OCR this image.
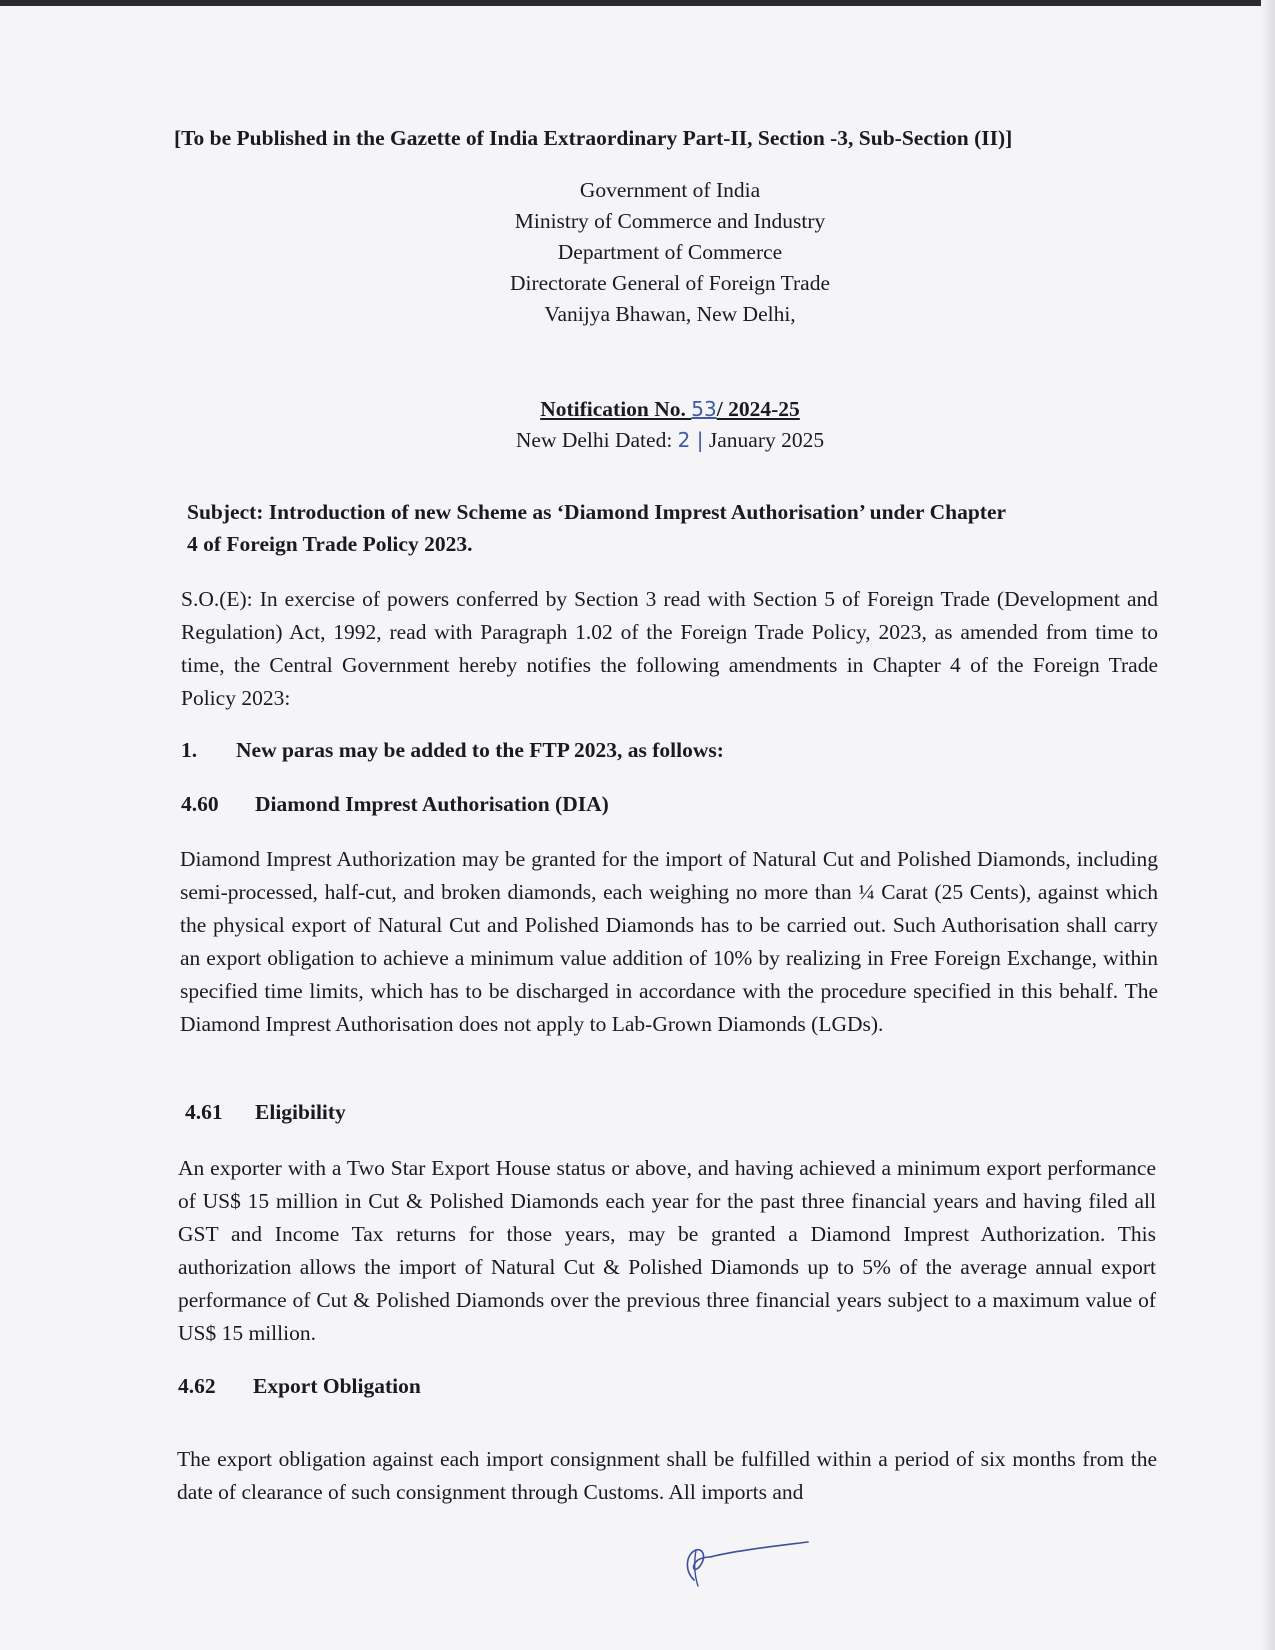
[To be Published in the Gazette of India Extraordinary Part-II, Section -3, Sub-Section (II)]

Government of India

Ministry of Commerce and Industry

Department of Commerce

Directorate General of Foreign Trade

Vanijya Bhawan, New Delhi,

Notification No. 53/ 2024-25

New Delhi Dated: 2 | January 2025

Subject: Introduction of new Scheme as ‘Diamond Imprest Authorisation’ under Chapter
4 of Foreign Trade Policy 2023.

S.O.(E): In exercise of powers conferred by Section 3 read with Section 5 of Foreign Trade (Development and Regulation) Act, 1992, read with Paragraph 1.02 of the Foreign Trade Policy, 2023, as amended from time to time, the Central Government hereby notifies the following amendments in Chapter 4 of the Foreign Trade Policy 2023:

1. New paras may be added to the FTP 2023, as follows:

4.60 Diamond Imprest Authorisation (DIA)

Diamond Imprest Authorization may be granted for the import of Natural Cut and Polished Diamonds, including semi-processed, half-cut, and broken diamonds, each weighing no more than ¼ Carat (25 Cents), against which the physical export of Natural Cut and Polished Diamonds has to be carried out. Such Authorisation shall carry an export obligation to achieve a minimum value addition of 10% by realizing in Free Foreign Exchange, within specified time limits, which has to be discharged in accordance with the procedure specified in this behalf. The Diamond Imprest Authorisation does not apply to Lab-Grown Diamonds (LGDs).

4.61 Eligibility

An exporter with a Two Star Export House status or above, and having achieved a minimum export performance of US$ 15 million in Cut & Polished Diamonds each year for the past three financial years and having filed all GST and Income Tax returns for those years, may be granted a Diamond Imprest Authorization. This authorization allows the import of Natural Cut & Polished Diamonds up to 5% of the average annual export performance of Cut & Polished Diamonds over the previous three financial years subject to a maximum value of US$ 15 million.

4.62 Export Obligation

The export obligation against each import consignment shall be fulfilled within a period of six months from the date of clearance of such consignment through Customs. All imports and
